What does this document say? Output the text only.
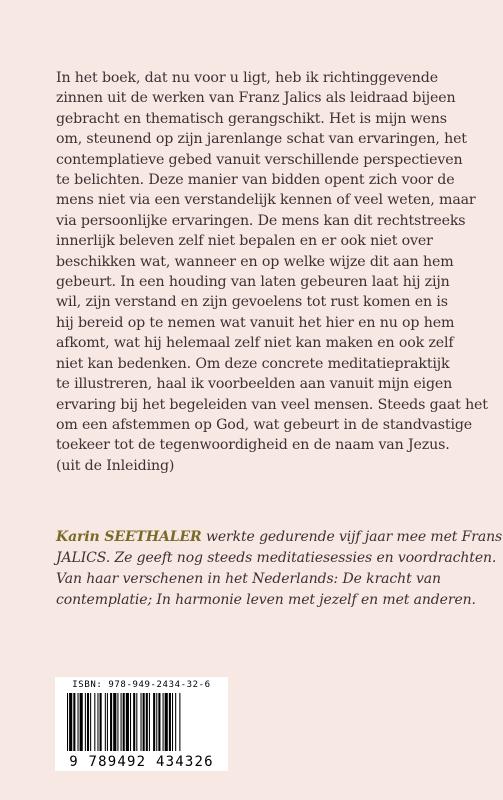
In het boek, dat nu voor u ligt, heb ik richtinggevende
zinnen uit de werken van Franz Jalics als leidraad bijeen
gebracht en thematisch gerangschikt. Het is mijn wens
om, steunend op zijn jarenlange schat van ervaringen, het
contemplatieve gebed vanuit verschillende perspectieven
te belichten. Deze manier van bidden opent zich voor de
mens niet via een verstandelijk kennen of veel weten, maar
via persoonlijke ervaringen. De mens kan dit rechtstreeks
innerlijk beleven zelf niet bepalen en er ook niet over
beschikken wat, wanneer en op welke wijze dit aan hem
gebeurt. In een houding van laten gebeuren laat hij zijn
wil, zijn verstand en zijn gevoelens tot rust komen en is
hij bereid op te nemen wat vanuit het hier en nu op hem
afkomt, wat hij helemaal zelf niet kan maken en ook zelf
niet kan bedenken. Om deze concrete meditatiepraktijk
te illustreren, haal ik voorbeelden aan vanuit mijn eigen
ervaring bij het begeleiden van veel mensen. Steeds gaat het
om een afstemmen op God, wat gebeurt in de standvastige
toekeer tot de tegenwoordigheid en de naam van Jezus.
(uit de Inleiding)
Karin SEETHALER werkte gedurende vijf jaar mee met Frans
JALICS. Ze geeft nog steeds meditatiesessies en voordrachten.
Van haar verschenen in het Nederlands: De kracht van
contemplatie; In harmonie leven met jezelf en met anderen.
ISBN: 978-949-2434-32-6
9 789492 434326
